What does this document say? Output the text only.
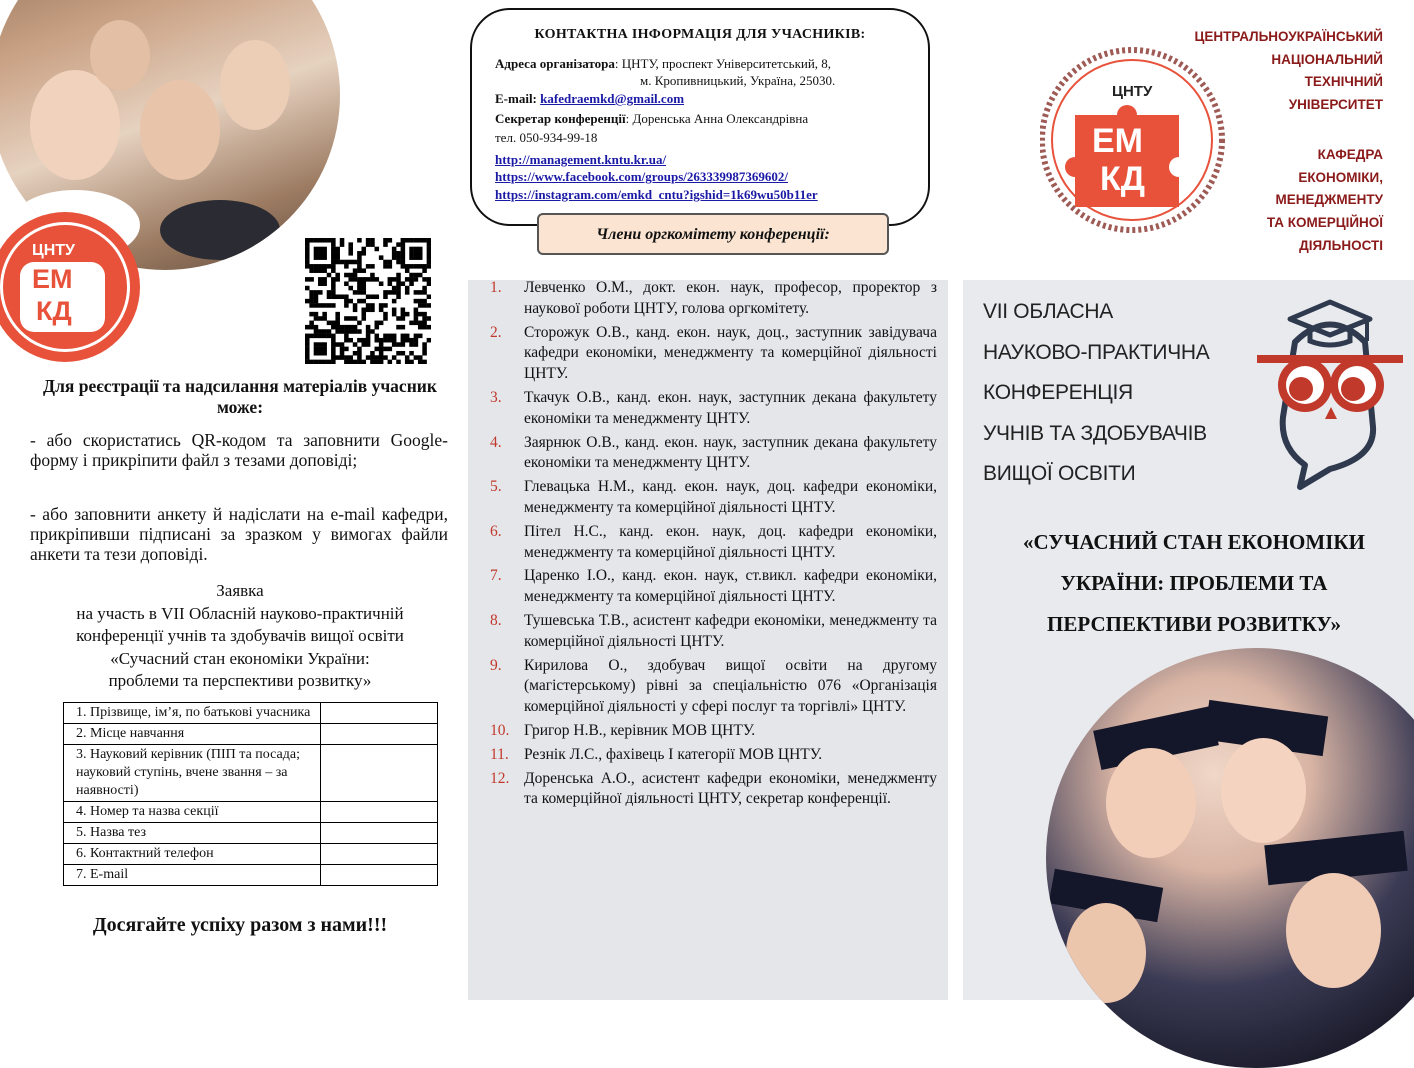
ЦНТУ
ЕМ
КД
Для реєстрації та надсилання матеріалів учасник може:
- або скористатись QR-кодом та заповнити Google-форму і прикріпити файл з тезами доповіді;
- або заповнити анкету й надіслати на e-mail кафедри, прикріпивши підписані за зразком у вимогах файли анкети та тези доповіді.
Заявка
на участь в VII Обласній науково-практичній
конференції учнів та здобувачів вищої освіти
«Сучасний стан економіки України:
проблеми та перспективи розвитку»
1. Прізвище, ім’я, по батькові учасника	
2. Місце навчання	
3. Науковий керівник (ПІП та посада; науковий ступінь, вчене звання – за наявності)	
4. Номер та назва секції	
5. Назва тез	
6. Контактний телефон	
7. E-mail	
Досягайте успіху разом з нами!!!
КОНТАКТНА ІНФОРМАЦІЯ ДЛЯ УЧАСНИКІВ:
Адреса організатора: ЦНТУ, проспект Університетський, 8,
м. Кропивницький, Україна, 25030.
E-mail: kafedraemkd@gmail.com
Секретар конференції: Доренська Анна Олександрівна
тел. 050-934-99-18
http://management.kntu.kr.ua/
https://www.facebook.com/groups/263339987369602/
https://instagram.com/emkd_cntu?igshid=1k69wu50b11er
Члени оргкомітету конференції:
1. Левченко О.М., докт. екон. наук, професор, проректор з наукової роботи ЦНТУ, голова оргкомітету.
2. Сторожук О.В., канд. екон. наук, доц., заступник завідувача кафедри економіки, менеджменту та комерційної діяльності ЦНТУ.
3. Ткачук О.В., канд. екон. наук, заступник декана факультету економіки та менеджменту ЦНТУ.
4. Заярнюк О.В., канд. екон. наук, заступник декана факультету економіки та менеджменту ЦНТУ.
5. Глевацька Н.М., канд. екон. наук, доц. кафедри економіки, менеджменту та комерційної діяльності ЦНТУ.
6. Пітел Н.С., канд. екон. наук, доц. кафедри економіки, менеджменту та комерційної діяльності ЦНТУ.
7. Царенко І.О., канд. екон. наук, ст.викл. кафедри економіки, менеджменту та комерційної діяльності ЦНТУ.
8. Тушевська Т.В., асистент кафедри економіки, менеджменту та комерційної діяльності ЦНТУ.
9. Кирилова О., здобувач вищої освіти на другому (магістерському) рівні за спеціальністю 076 «Організація комерційної діяльності у сфері послуг та торгівлі» ЦНТУ.
10. Григор Н.В., керівник МОВ ЦНТУ.
11. Резнік Л.С., фахівець І категорії МОВ ЦНТУ.
12. Доренська А.О., асистент кафедри економіки, менеджменту та комерційної діяльності ЦНТУ, секретар конференції.
ЦНТУ
ЕМ
КД
ЦЕНТРАЛЬНОУКРАЇНСЬКИЙ
НАЦІОНАЛЬНИЙ
ТЕХНІЧНИЙ
УНІВЕРСИТЕТ
КАФЕДРА
ЕКОНОМІКИ,
МЕНЕДЖМЕНТУ
ТА КОМЕРЦІЙНОЇ
ДІЯЛЬНОСТІ
VII ОБЛАСНА
НАУКОВО-ПРАКТИЧНА
КОНФЕРЕНЦІЯ
УЧНІВ ТА ЗДОБУВАЧІВ
ВИЩОЇ ОСВІТИ
«СУЧАСНИЙ СТАН ЕКОНОМІКИ
УКРАЇНИ: ПРОБЛЕМИ ТА
ПЕРСПЕКТИВИ РОЗВИТКУ»
